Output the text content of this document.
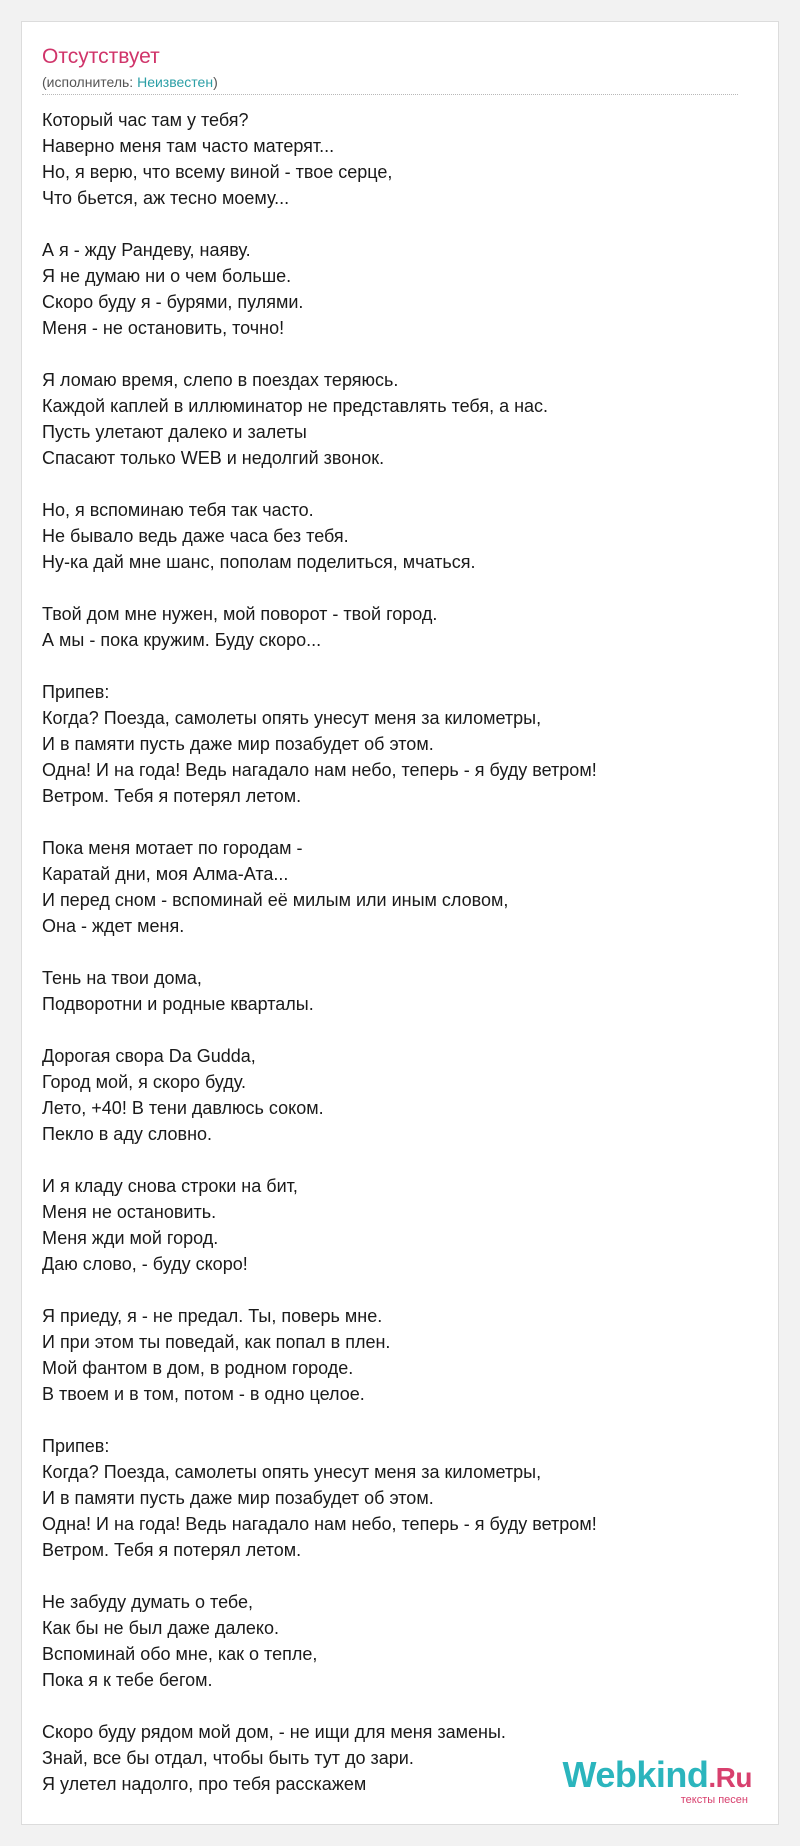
Отсутствует
(исполнитель: Неизвестен)
Который час там у тебя?
Наверно меня там часто матерят...
Но, я верю, что всему виной - твое серце,
Что бьется, аж тесно моему...
А я - жду Рандеву, наяву.
Я не думаю ни о чем больше.
Скоро буду я - бурями, пулями.
Меня - не остановить, точно!
Я ломаю время, слепо в поездах теряюсь.
Каждой каплей в иллюминатор не представлять тебя, а нас.
Пусть улетают далеко и залеты
Спасают только WEB и недолгий звонок.
Но, я вспоминаю тебя так часто.
Не бывало ведь даже часа без тебя.
Ну-ка дай мне шанс, пополам поделиться, мчаться.
Твой дом мне нужен, мой поворот - твой город.
А мы - пока кружим. Буду скоро...
Припев:
Когда? Поезда, самолеты опять унесут меня за километры,
И в памяти пусть даже мир позабудет об этом.
Одна! И на года! Ведь нагадало нам небо, теперь - я буду ветром!
Ветром. Тебя я потерял летом.
Пока меня мотает по городам -
Каратай дни, моя Алма-Ата...
И перед сном - вспоминай её милым или иным словом,
Она - ждет меня.
Тень на твои дома,
Подворотни и родные кварталы.
Дорогая свора Da Gudda,
Город мой, я скоро буду.
Лето, +40! В тени давлюсь соком.
Пекло в аду словно.
И я кладу снова строки на бит,
Меня не остановить.
Меня жди мой город.
Даю слово, - буду скоро!
Я приеду, я - не предал. Ты, поверь мне.
И при этом ты поведай, как попал в плен.
Мой фантом в дом, в родном городе.
В твоем и в том, потом - в одно целое.
Припев:
Когда? Поезда, самолеты опять унесут меня за километры,
И в памяти пусть даже мир позабудет об этом.
Одна! И на года! Ведь нагадало нам небо, теперь - я буду ветром!
Ветром. Тебя я потерял летом.
Не забуду думать о тебе,
Как бы не был даже далеко.
Вспоминай обо мне, как о тепле,
Пока я к тебе бегом.
Скоро буду рядом мой дом, - не ищи для меня замены.
Знай, все бы отдал, чтобы быть тут до зари.
Я улетел надолго, про тебя расскажем	Webkind.Ru
тексты песен
